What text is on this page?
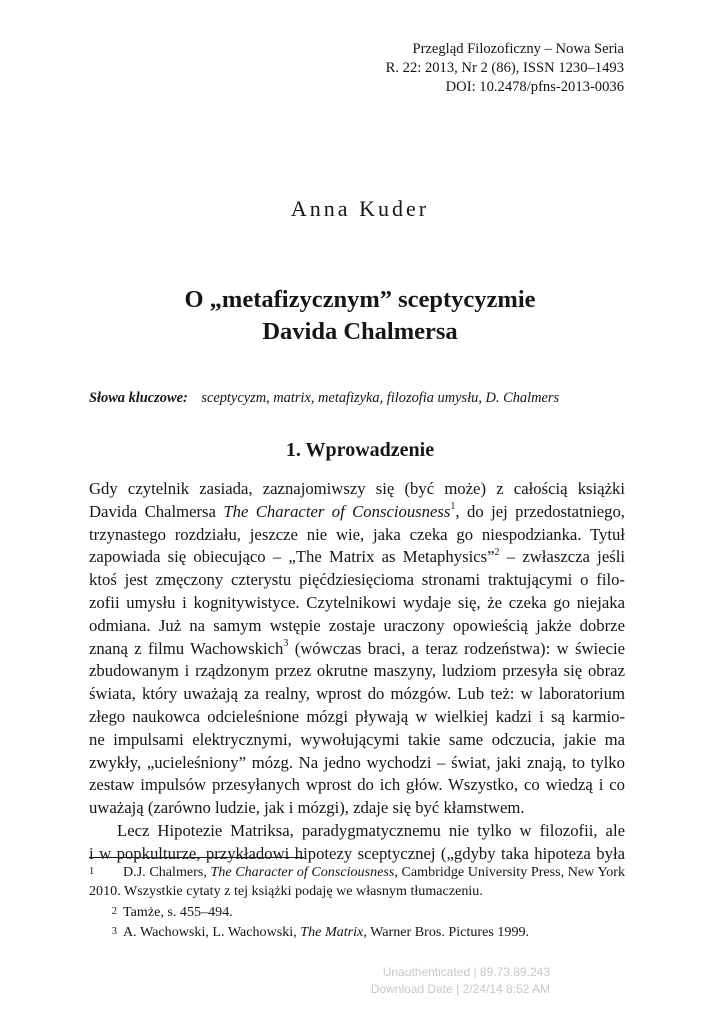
Przegląd Filozoficzny – Nowa Seria
R. 22: 2013, Nr 2 (86), ISSN 1230–1493
DOI: 10.2478/pfns-2013-0036
Anna Kuder
O „metafizycznym” sceptycyzmie
Davida Chalmersa
Słowa kluczowe: sceptycyzm, matrix, metafizyka, filozofia umysłu, D. Chalmers
1. Wprowadzenie

Gdy czytelnik zasiada, zaznajomiwszy się (być może) z całością książki
Davida Chalmersa The Character of Consciousness$^1$, do jej przedostatniego,
trzynastego rozdziału, jeszcze nie wie, jaka czeka go niespodzianka. Tytuł
zapowiada się obiecująco – „The Matrix as Metaphysics”$^2$ – zwłaszcza jeśli
ktoś jest zmęczony czterystu pięćdziesięcioma stronami traktującymi o filo-
zofii umysłu i kognitywistyce. Czytelnikowi wydaje się, że czeka go niejaka
odmiana. Już na samym wstępie zostaje uraczony opowieścią jakże dobrze
znaną z filmu Wachowskich$^3$ (wówczas braci, a teraz rodzeństwa): w świecie
zbudowanym i rządzonym przez okrutne maszyny, ludziom przesyła się obraz
świata, który uważają za realny, wprost do mózgów. Lub też: w laboratorium
złego naukowca odcieleśnione mózgi pływają w wielkiej kadzi i są karmio-
ne impulsami elektrycznymi, wywołującymi takie same odczucia, jakie ma
zwykły, „ucieleśniony” mózg. Na jedno wychodzi – świat, jaki znają, to tylko
zestaw impulsów przesyłanych wprost do ich głów. Wszystko, co wiedzą i co
uważają (zarówno ludzie, jak i mózgi), zdaje się być kłamstwem.

Lecz Hipotezie Matriksa, paradygmatycznemu nie tylko w filozofii, ale
i w popkulturze, przykładowi hipotezy sceptycznej („gdyby taka hipoteza była

1 D.J. Chalmers, The Character of Consciousness, Cambridge University Press, New York
2010. Wszystkie cytaty z tej książki podaję we własnym tłumaczeniu.
2 Tamże, s. 455–494.
3 A. Wachowski, L. Wachowski, The Matrix, Warner Bros. Pictures 1999.
Unauthenticated | 89.73.89.243
Download Date | 2/24/14 8:52 AM
